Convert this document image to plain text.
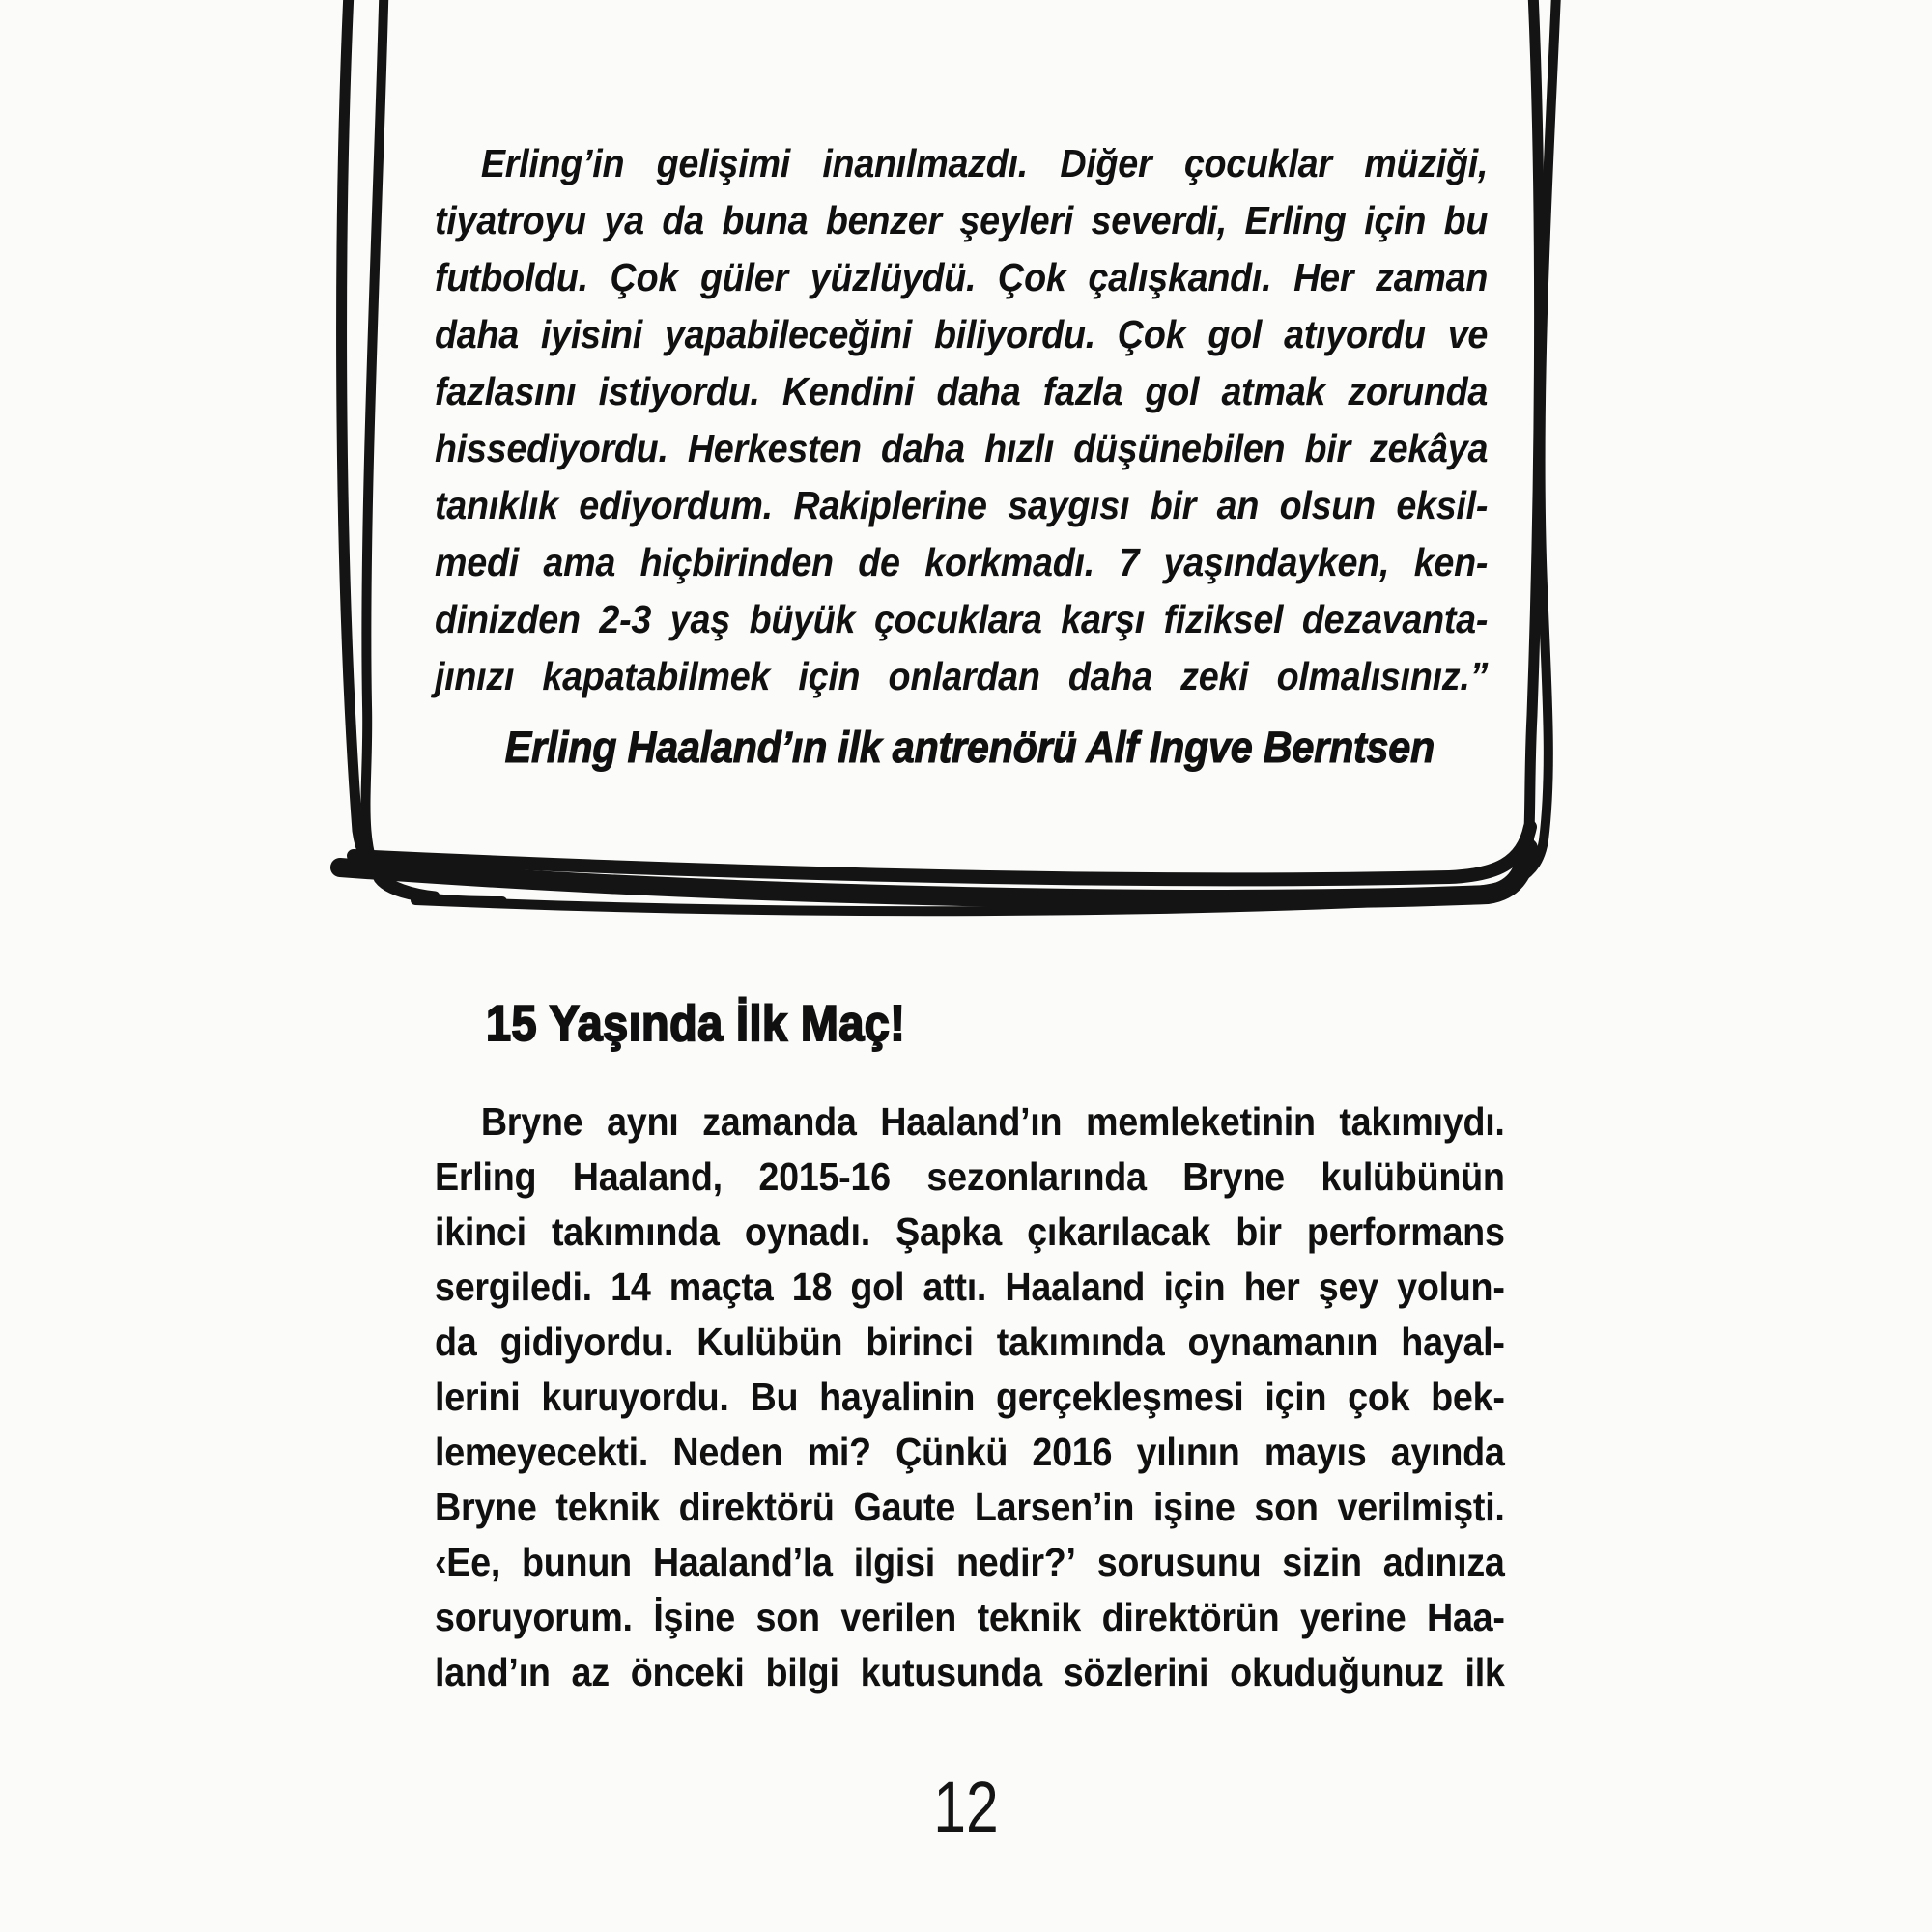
Erling’in gelişimi inanılmazdı. Diğer çocuklar müziği,
tiyatroyu ya da buna benzer şeyleri severdi, Erling için bu
futboldu. Çok güler yüzlüydü. Çok çalışkandı. Her zaman
daha iyisini yapabileceğini biliyordu. Çok gol atıyordu ve
fazlasını istiyordu. Kendini daha fazla gol atmak zorunda
hissediyordu. Herkesten daha hızlı düşünebilen bir zekâya
tanıklık ediyordum. Rakiplerine saygısı bir an olsun eksil-
medi ama hiçbirinden de korkmadı. 7 yaşındayken, ken-
dinizden 2-3 yaş büyük çocuklara karşı fiziksel dezavanta-
jınızı kapatabilmek için onlardan daha zeki olmalısınız.”
Erling Haaland’ın ilk antrenörü Alf Ingve Berntsen
15 Yaşında İlk Maç!
Bryne aynı zamanda Haaland’ın memleketinin takımıydı.
Erling Haaland, 2015-16 sezonlarında Bryne kulübünün
ikinci takımında oynadı. Şapka çıkarılacak bir performans
sergiledi. 14 maçta 18 gol attı. Haaland için her şey yolun-
da gidiyordu. Kulübün birinci takımında oynamanın hayal-
lerini kuruyordu. Bu hayalinin gerçekleşmesi için çok bek-
lemeyecekti. Neden mi? Çünkü 2016 yılının mayıs ayında
Bryne teknik direktörü Gaute Larsen’in işine son verilmişti.
‹Ee, bunun Haaland’la ilgisi nedir?’ sorusunu sizin adınıza
soruyorum. İşine son verilen teknik direktörün yerine Haa-
land’ın az önceki bilgi kutusunda sözlerini okuduğunuz ilk
12
